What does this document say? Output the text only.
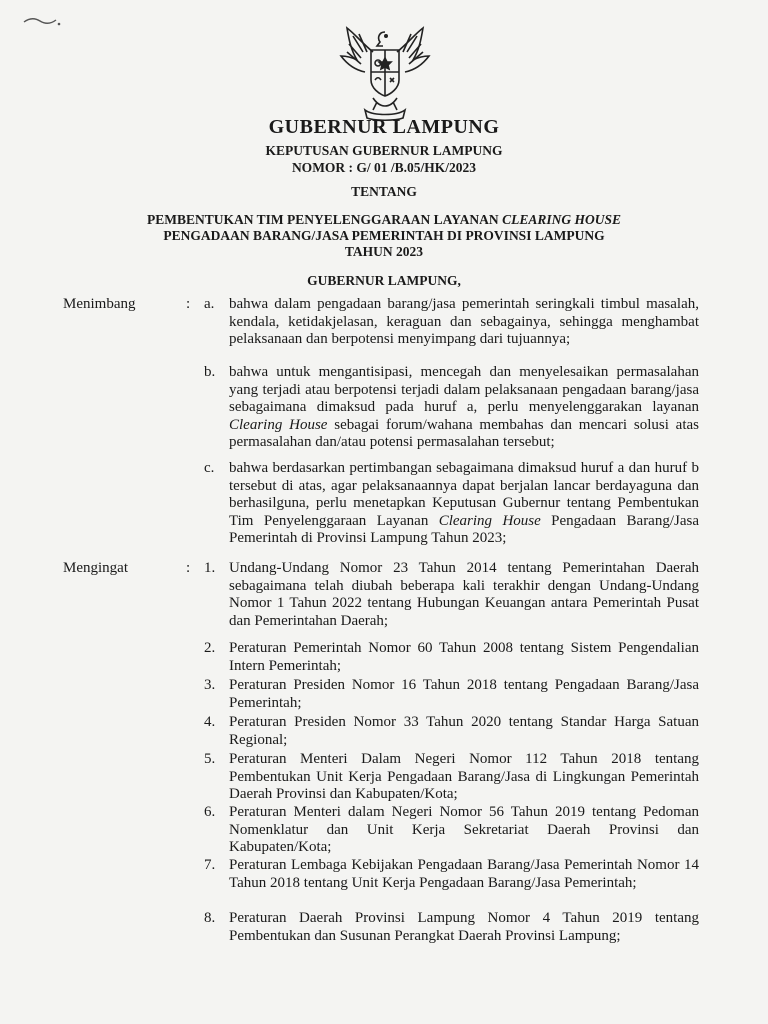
GUBERNUR LAMPUNG

KEPUTUSAN GUBERNUR LAMPUNG

NOMOR : G/ 01 /B.05/HK/2023

TENTANG
PEMBENTUKAN TIM PENYELENGGARAAN LAYANAN CLEARING HOUSE
PENGADAAN BARANG/JASA PEMERINTAH DI PROVINSI LAMPUNG
TAHUN 2023
GUBERNUR LAMPUNG,
Menimbang	: a. bahwa dalam pengadaan barang/jasa pemerintah seringkali timbul masalah, kendala, ketidakjelasan, keraguan dan sebagainya, sehingga menghambat pelaksanaan dan berpotensi menyimpang dari tujuannya;
b. bahwa untuk mengantisipasi, mencegah dan menyelesaikan permasalahan yang terjadi atau berpotensi terjadi dalam pelaksanaan pengadaan barang/jasa sebagaimana dimaksud pada huruf a, perlu menyelenggarakan layanan Clearing House sebagai forum/wahana membahas dan mencari solusi atas permasalahan dan/atau potensi permasalahan tersebut;
c. bahwa berdasarkan pertimbangan sebagaimana dimaksud huruf a dan huruf b tersebut di atas, agar pelaksanaannya dapat berjalan lancar berdayaguna dan berhasilguna, perlu menetapkan Keputusan Gubernur tentang Pembentukan Tim Penyelenggaraan Layanan Clearing House Pengadaan Barang/Jasa Pemerintah di Provinsi Lampung Tahun 2023;
Mengingat	: 1. Undang-Undang Nomor 23 Tahun 2014 tentang Pemerintahan Daerah sebagaimana telah diubah beberapa kali terakhir dengan Undang-Undang Nomor 1 Tahun 2022 tentang Hubungan Keuangan antara Pemerintah Pusat dan Pemerintahan Daerah;
2. Peraturan Pemerintah Nomor 60 Tahun 2008 tentang Sistem Pengendalian Intern Pemerintah;
3. Peraturan Presiden Nomor 16 Tahun 2018 tentang Pengadaan Barang/Jasa Pemerintah;
4. Peraturan Presiden Nomor 33 Tahun 2020 tentang Standar Harga Satuan Regional;
5. Peraturan Menteri Dalam Negeri Nomor 112 Tahun 2018 tentang Pembentukan Unit Kerja Pengadaan Barang/Jasa di Lingkungan Pemerintah Daerah Provinsi dan Kabupaten/Kota;
6. Peraturan Menteri dalam Negeri Nomor 56 Tahun 2019 tentang Pedoman Nomenklatur dan Unit Kerja Sekretariat Daerah Provinsi dan Kabupaten/Kota;
7. Peraturan Lembaga Kebijakan Pengadaan Barang/Jasa Pemerintah Nomor 14 Tahun 2018 tentang Unit Kerja Pengadaan Barang/Jasa Pemerintah;
8. Peraturan Daerah Provinsi Lampung Nomor 4 Tahun 2019 tentang Pembentukan dan Susunan Perangkat Daerah Provinsi Lampung;
